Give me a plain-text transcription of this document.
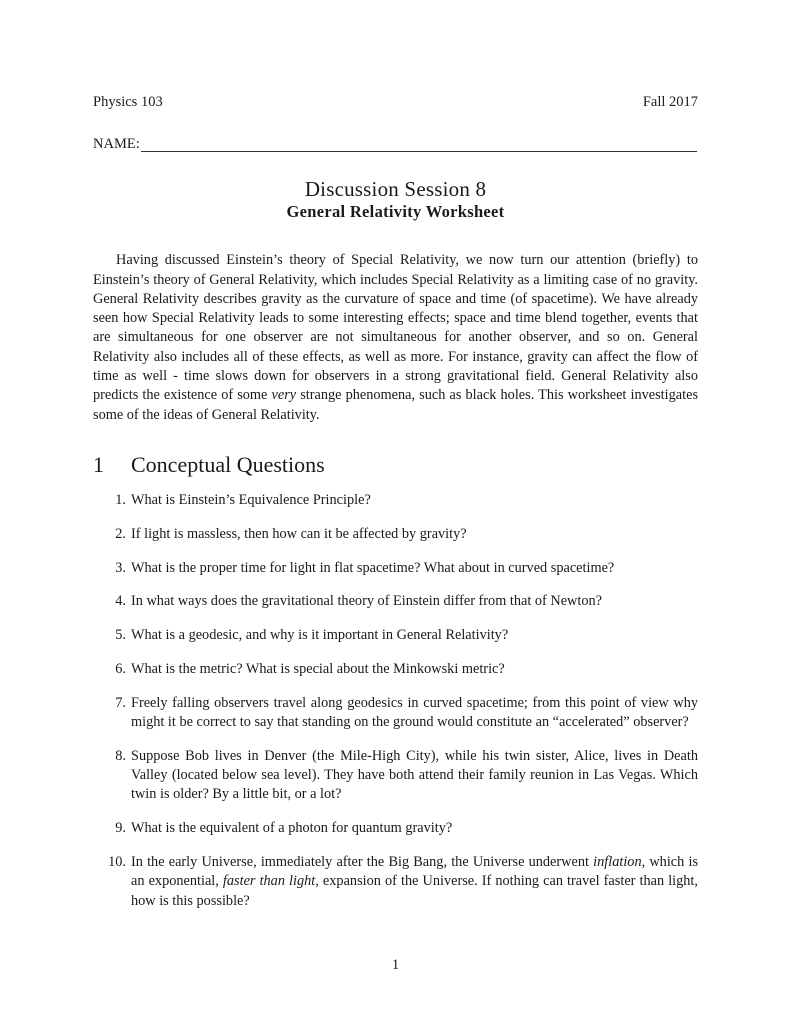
Physics 103	Fall 2017
NAME:
Discussion Session 8
General Relativity Worksheet

Having discussed Einstein’s theory of Special Relativity, we now turn our attention (briefly) to Einstein’s theory of General Relativity, which includes Special Relativity as a limiting case of no gravity. General Relativity describes gravity as the curvature of space and time (of spacetime). We have already seen how Special Relativity leads to some interesting effects; space and time blend together, events that are simultaneous for one observer are not simultaneous for another observer, and so on. General Relativity also includes all of these effects, as well as more. For instance, gravity can affect the flow of time as well - time slows down for observers in a strong gravitational field. General Relativity also predicts the existence of some very strange phenomena, such as black holes. This worksheet investigates some of the ideas of General Relativity.

1	Conceptual Questions
1. What is Einstein’s Equivalence Principle?
2. If light is massless, then how can it be affected by gravity?
3. What is the proper time for light in flat spacetime? What about in curved spacetime?
4. In what ways does the gravitational theory of Einstein differ from that of Newton?
5. What is a geodesic, and why is it important in General Relativity?
6. What is the metric? What is special about the Minkowski metric?
7. Freely falling observers travel along geodesics in curved spacetime; from this point of view why might it be correct to say that standing on the ground would constitute an “accelerated” observer?
8. Suppose Bob lives in Denver (the Mile-High City), while his twin sister, Alice, lives in Death Valley (located below sea level). They have both attend their family reunion in Las Vegas. Which twin is older? By a little bit, or a lot?
9. What is the equivalent of a photon for quantum gravity?
10. In the early Universe, immediately after the Big Bang, the Universe underwent inflation, which is an exponential, faster than light, expansion of the Universe. If nothing can travel faster than light, how is this possible?
1
